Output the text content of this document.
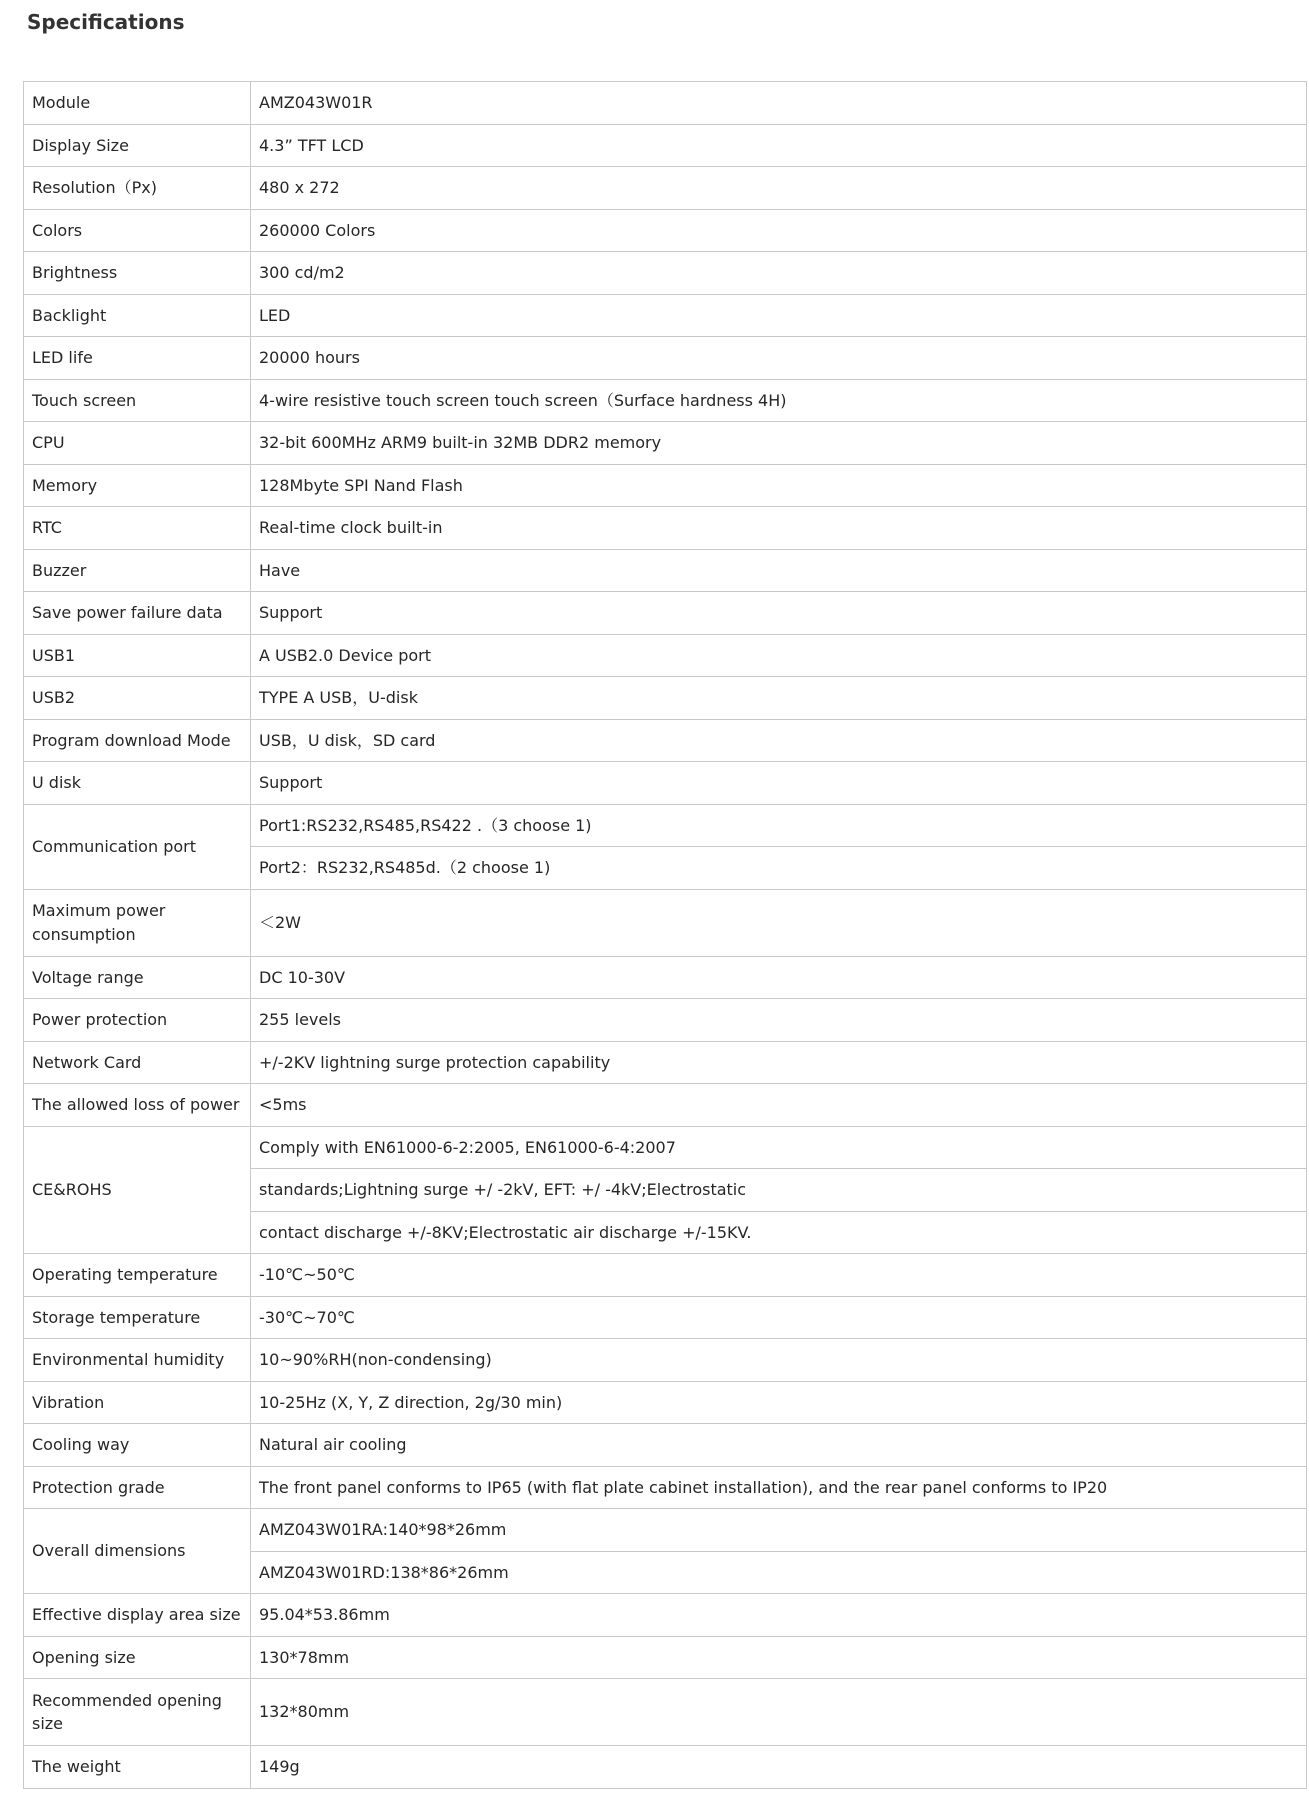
Specifications
Module	AMZ043W01R
Display Size	4.3” TFT LCD
Resolution（Px)	480 x 272
Colors	260000 Colors
Brightness	300 cd/m2
Backlight	LED
LED life	20000 hours
Touch screen	4-wire resistive touch screen touch screen（Surface hardness 4H)
CPU	32-bit 600MHz ARM9 built-in 32MB DDR2 memory
Memory	128Mbyte SPI Nand Flash
RTC	Real-time clock built-in
Buzzer	Have
Save power failure data	Support
USB1	A USB2.0 Device port
USB2	TYPE A USB，U-disk
Program download Mode	USB，U disk，SD card
U disk	Support
Communication port	Port1:RS232,RS485,RS422 .（3 choose 1)
	Port2：RS232,RS485d.（2 choose 1)
Maximum power consumption	＜2W
Voltage range	DC 10-30V
Power protection	255 levels
Network Card	+/-2KV lightning surge protection capability
The allowed loss of power	<5ms
CE&ROHS	Comply with EN61000-6-2:2005, EN61000-6-4:2007
	standards;Lightning surge +/ -2kV, EFT: +/ -4kV;Electrostatic
	contact discharge +/-8KV;Electrostatic air discharge +/-15KV.
Operating temperature	-10℃~50℃
Storage temperature	-30℃~70℃
Environmental humidity	10~90%RH(non-condensing)
Vibration	10-25Hz (X, Y, Z direction, 2g/30 min)
Cooling way	Natural air cooling
Protection grade	The front panel conforms to IP65 (with flat plate cabinet installation), and the rear panel conforms to IP20
Overall dimensions	AMZ043W01RA:140*98*26mm
	AMZ043W01RD:138*86*26mm
Effective display area size	95.04*53.86mm
Opening size	130*78mm
Recommended opening size	132*80mm
The weight	149g
